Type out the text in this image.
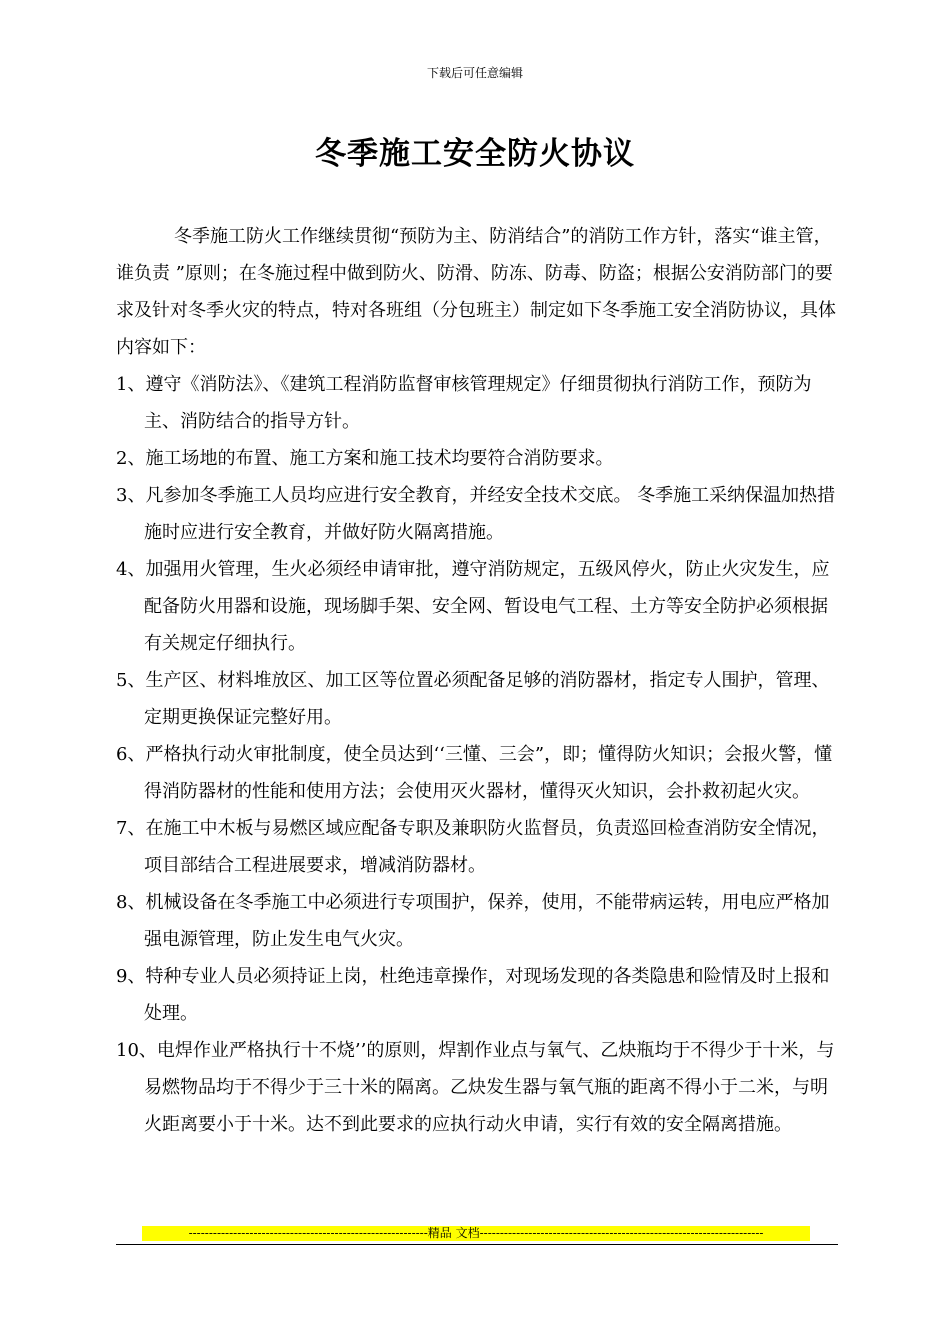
下载后可任意编辑
冬季施工安全防火协议

冬季施工防火工作继续贯彻“预防为主、防消结合”的消防工作方针，落实“谁主管， 谁负责 ”原则；在冬施过程中做到防火、防滑、防冻、防毒、防盗；根据公安消防部门的要求及针对冬季火灾的特点，特对各班组（分包班主）制定如下冬季施工安全消防协议，具体内容如下：

1、遵守《消防法》、《建筑工程消防监督审核管理规定》仔细贯彻执行消防工作，预防为主、消防结合的指导方针。

2、施工场地的布置、施工方案和施工技术均要符合消防要求。

3、凡参加冬季施工人员均应进行安全教育，并经安全技术交底。 冬季施工采纳保温加热措施时应进行安全教育，并做好防火隔离措施。

4、加强用火管理，生火必须经申请审批，遵守消防规定，五级风停火，防止火灾发生，应配备防火用器和设施，现场脚手架、安全网、暂设电气工程、土方等安全防护必须根据有关规定仔细执行。

5、生产区、材料堆放区、加工区等位置必须配备足够的消防器材，指定专人围护，管理、定期更换保证完整好用。

6、严格执行动火审批制度，使全员达到‘‘三懂、三会”，即；懂得防火知识；会报火警，懂得消防器材的性能和使用方法；会使用灭火器材，懂得灭火知识，会扑救初起火灾。

7、在施工中木板与易燃区域应配备专职及兼职防火监督员，负责巡回检查消防安全情况，项目部结合工程进展要求，增减消防器材。

8、机械设备在冬季施工中必须进行专项围护，保养，使用，不能带病运转，用电应严格加强电源管理，防止发生电气火灾。

9、特种专业人员必须持证上岗，杜绝违章操作，对现场发现的各类隐患和险情及时上报和处理。

10、电焊作业严格执行十不烧’’的原则，焊割作业点与氧气、乙炔瓶均于不得少于十米，与易燃物品均于不得少于三十米的隔离。乙炔发生器与氧气瓶的距离不得小于二米，与明火距离要小于十米。达不到此要求的应执行动火申请，实行有效的安全隔离措施。

-----------------------------------------------------------精品 文档----------------------------------------------------------------------
